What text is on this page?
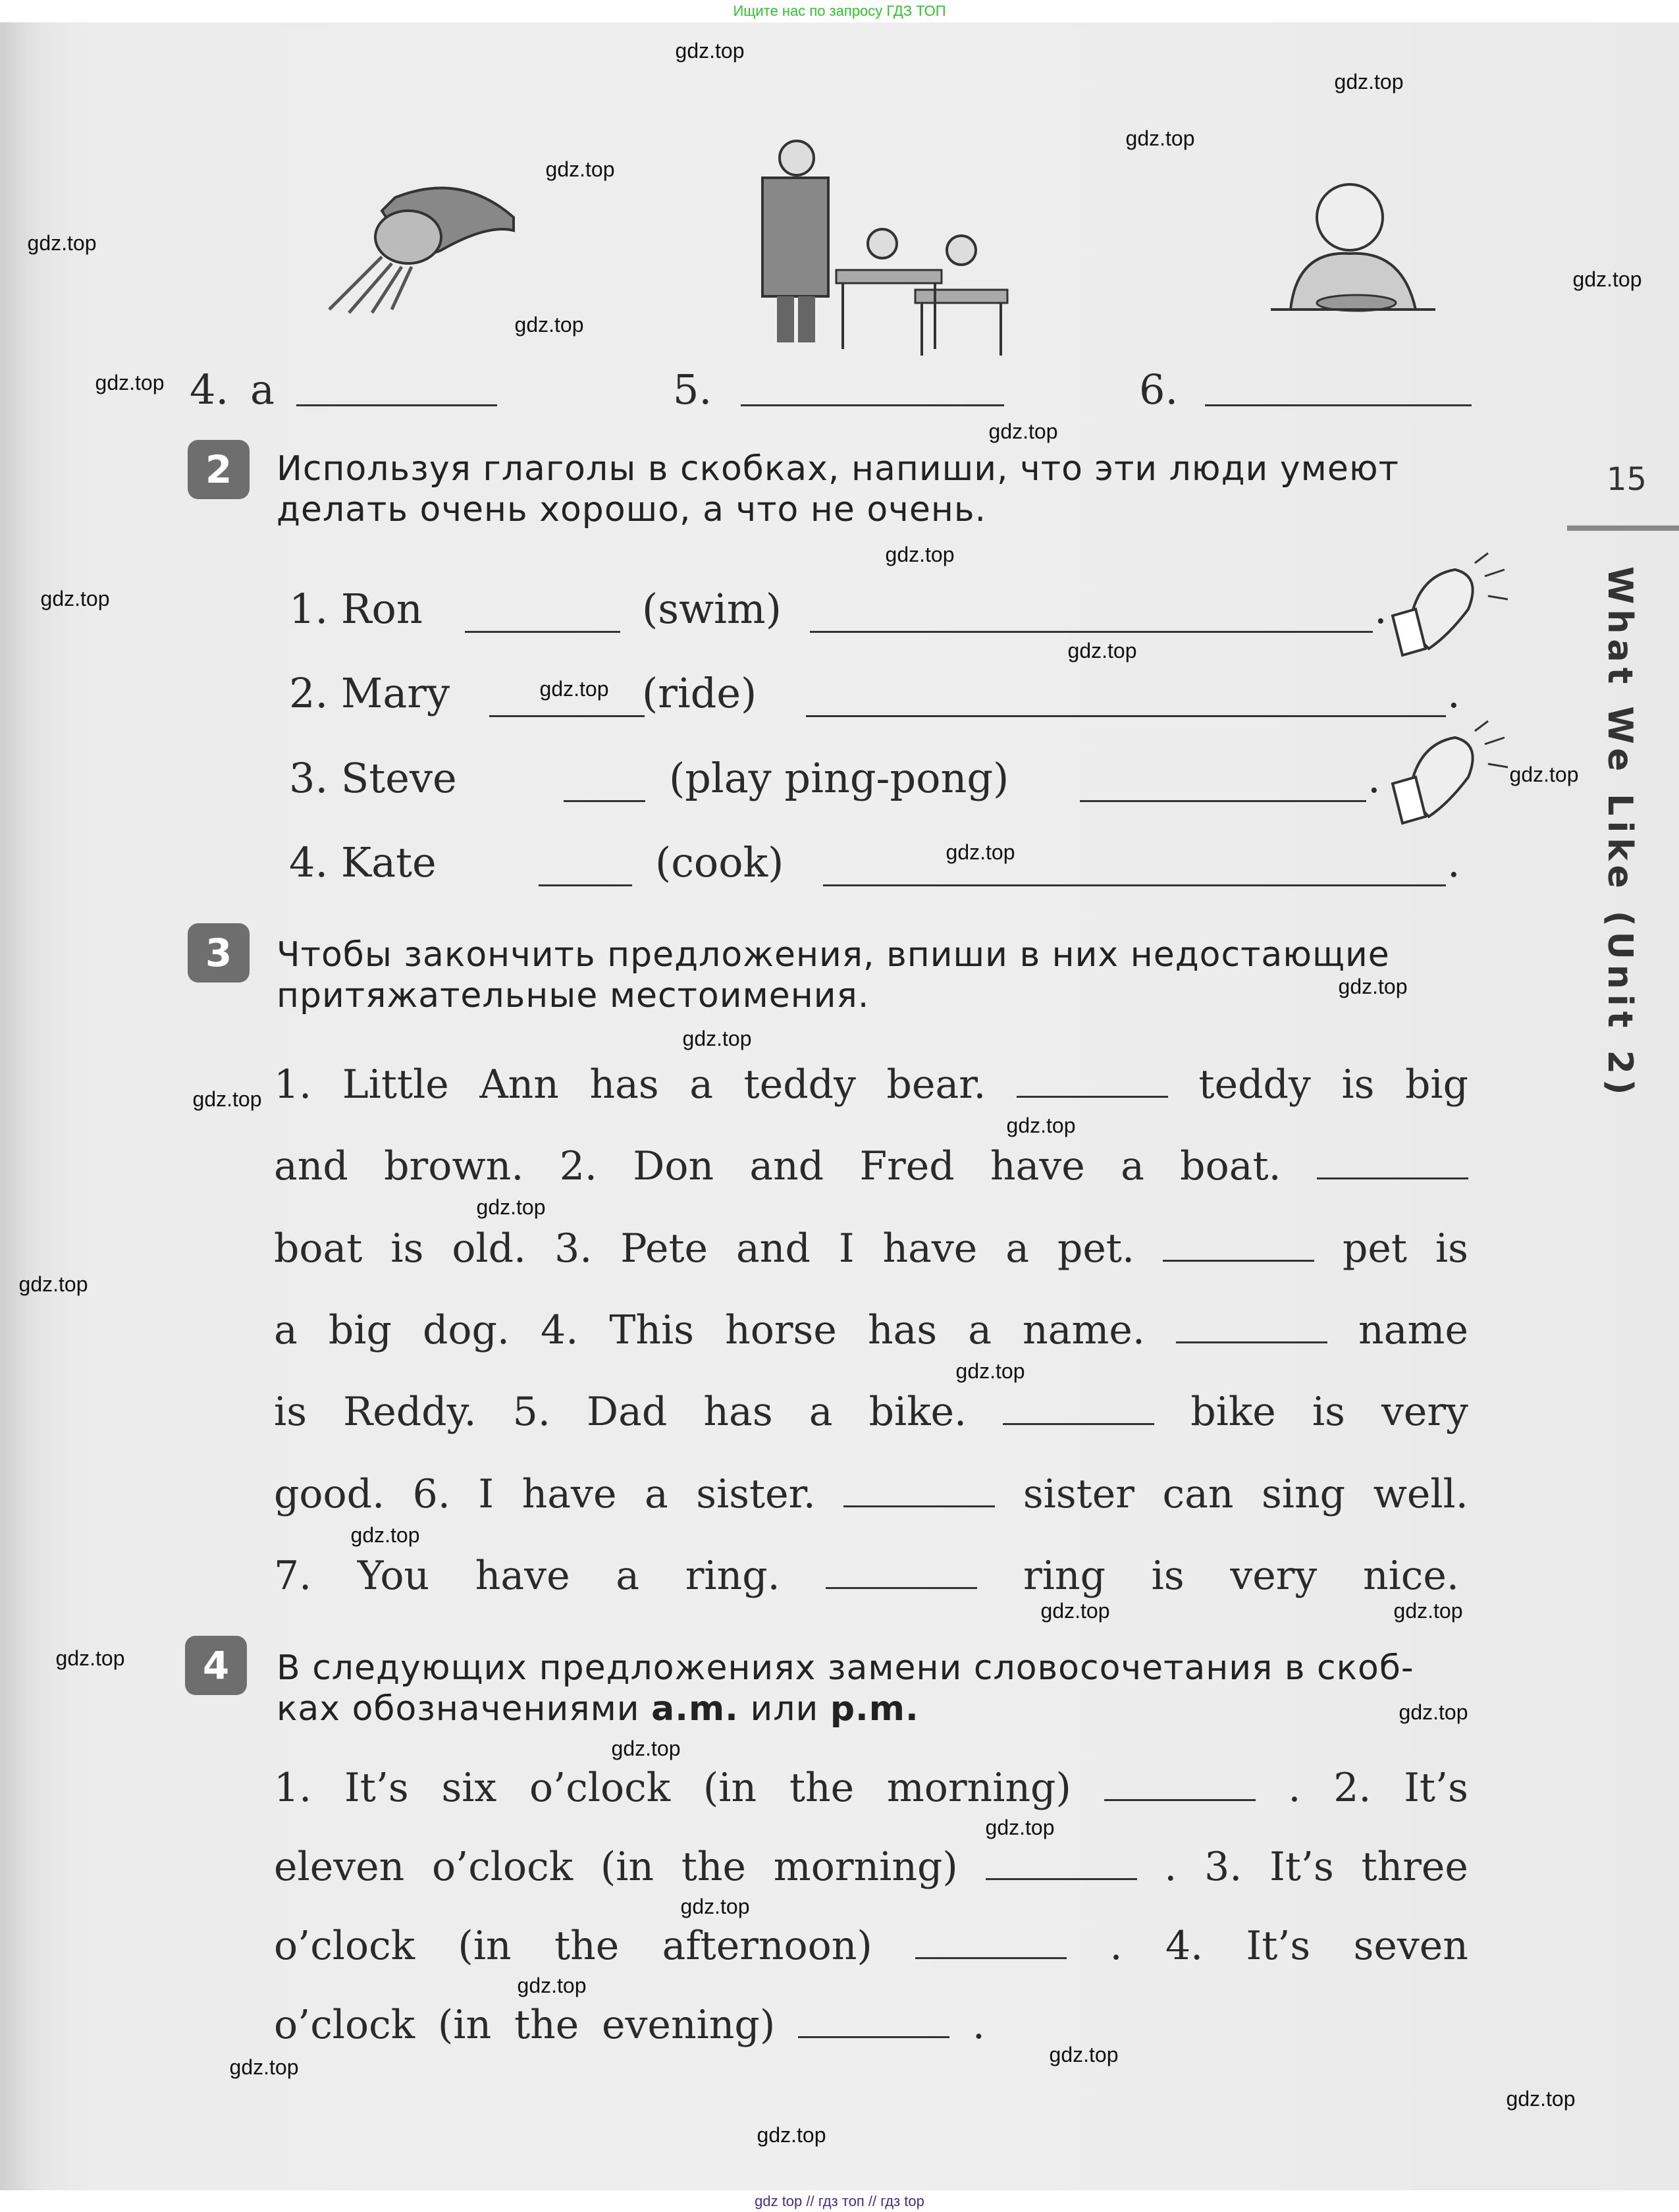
Ищите нас по запросу ГДЗ ТОП
gdz top // гдз топ // гдз top
4. a	5.	6.
2	Используя глаголы в скобках, напиши, что эти люди умеют
делать очень хорошо, а что не очень.
1. Ron	(swim)	.
2. Mary	(ride)	.
3. Steve	(play ping-pong)	.
4. Kate	(cook)	.
15
What We Like (Unit 2)
3	Чтобы закончить предложения, впиши в них недостающие
притяжательные местоимения.
1. Little Ann has a teddy bear.	teddy is big
and brown. 2. Don and Fred have a boat.
boat is old. 3. Pete and I have a pet.	pet is
a big dog. 4. This horse has a name.	name
is Reddy. 5. Dad has a bike.	bike is very
good. 6. I have a sister.	sister can sing well.
7. You have a ring.	ring is very nice.
4	В следующих предложениях замени словосочетания в скоб-
ках обозначениями a.m. или p.m.
1. It’s six o’clock (in the morning)	. 2. It’s
eleven o’clock (in the morning)	. 3. It’s three
o’clock (in the afternoon)	. 4. It’s seven
o’clock (in the evening)	.
gdz.top
gdz.top
gdz.top
gdz.top
gdz.top
gdz.top
gdz.top
gdz.top
gdz.top
gdz.top
gdz.top
gdz.top
gdz.top
gdz.top
gdz.top
gdz.top
gdz.top
gdz.top
gdz.top
gdz.top
gdz.top
gdz.top
gdz.top
gdz.top
gdz.top
gdz.top
gdz.top
gdz.top
gdz.top
gdz.top
gdz.top
gdz.top
gdz.top
gdz.top
gdz.top
